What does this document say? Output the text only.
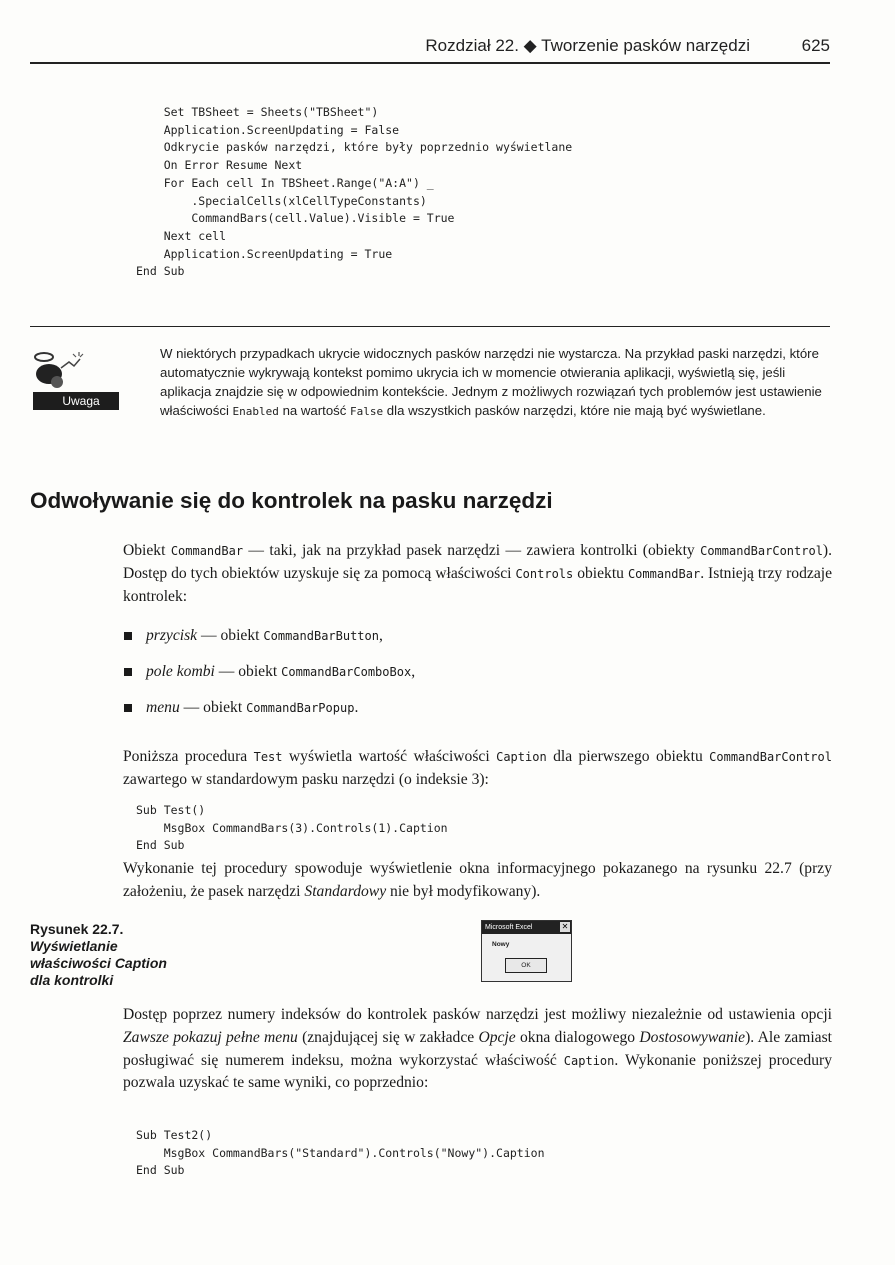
Rozdział 22. ◆ Tworzenie pasków narzędzi	625
Set TBSheet = Sheets("TBSheet")
Application.ScreenUpdating = False
Odkrycie pasków narzędzi, które były poprzednio wyświetlane
On Error Resume Next
For Each cell In TBSheet.Range("A:A") _
.SpecialCells(xlCellTypeConstants)
CommandBars(cell.Value).Visible = True
Next cell
Application.ScreenUpdating = True
End Sub
Uwaga
W niektórych przypadkach ukrycie widocznych pasków narzędzi nie wystarcza. Na przykład paski narzędzi, które automatycznie wykrywają kontekst pomimo ukrycia ich w momencie otwierania aplikacji, wyświetlą się, jeśli aplikacja znajdzie się w odpowiednim kontekście. Jednym z możliwych rozwiązań tych problemów jest ustawienie właściwości Enabled na wartość False dla wszystkich pasków narzędzi, które nie mają być wyświetlane.
Odwoływanie się do kontrolek na pasku narzędzi

Obiekt CommandBar — taki, jak na przykład pasek narzędzi — zawiera kontrolki (obiekty CommandBarControl). Dostęp do tych obiektów uzyskuje się za pomocą właściwości Controls obiektu CommandBar. Istnieją trzy rodzaje kontrolek:

przycisk — obiekt CommandBarButton,
pole kombi — obiekt CommandBarComboBox,
menu — obiekt CommandBarPopup.

Poniższa procedura Test wyświetla wartość właściwości Caption dla pierwszego obiektu CommandBarControl zawartego w standardowym pasku narzędzi (o indeksie 3):

Sub Test()
MsgBox CommandBars(3).Controls(1).Caption
End Sub

Wykonanie tej procedury spowoduje wyświetlenie okna informacyjnego pokazanego na rysunku 22.7 (przy założeniu, że pasek narzędzi Standardowy nie był modyfikowany).

Rysunek 22.7.
Wyświetlanie
właściwości Caption
dla kontrolki
Microsoft Excel	✕
Nowy
OK

Dostęp poprzez numery indeksów do kontrolek pasków narzędzi jest możliwy niezależnie od ustawienia opcji Zawsze pokazuj pełne menu (znajdującej się w zakładce Opcje okna dialogowego Dostosowywanie). Ale zamiast posługiwać się numerem indeksu, można wykorzystać właściwość Caption. Wykonanie poniższej procedury pozwala uzyskać te same wyniki, co poprzednio:

Sub Test2()
MsgBox CommandBars("Standard").Controls("Nowy").Caption
End Sub
